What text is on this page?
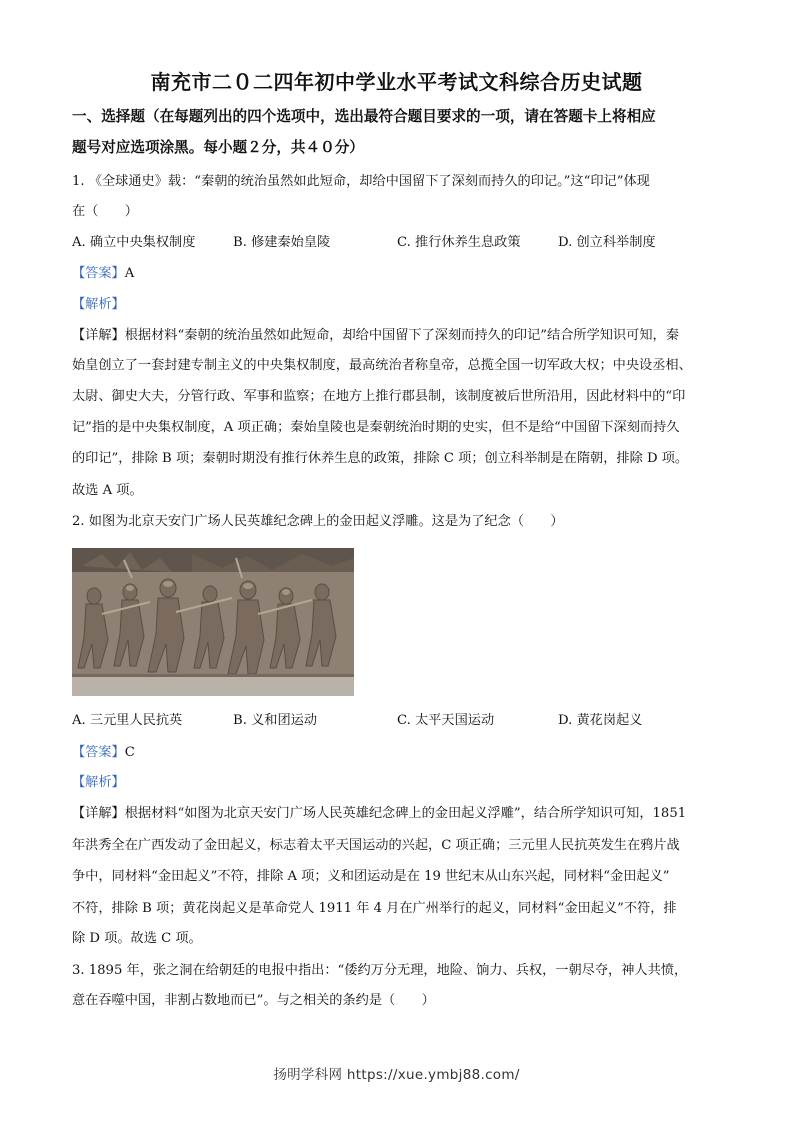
南充市二０二四年初中学业水平考试文科综合历史试题
一、选择题（在每题列出的四个选项中，选出最符合题目要求的一项，请在答题卡上将相应
题号对应选项涂黑。每小题２分，共４０分）
1. 《全球通史》载：“秦朝的统治虽然如此短命，却给中国留下了深刻而持久的印记。”这“印记”体现
在（　　）
A. 确立中央集权制度	B. 修建秦始皇陵	C. 推行休养生息政策	D. 创立科举制度
【答案】A
【解析】
【详解】根据材料“秦朝的统治虽然如此短命，却给中国留下了深刻而持久的印记”结合所学知识可知，秦
始皇创立了一套封建专制主义的中央集权制度，最高统治者称皇帝，总揽全国一切军政大权；中央设丞相、
太尉、御史大夫，分管行政、军事和监察；在地方上推行郡县制，该制度被后世所沿用，因此材料中的“印
记”指的是中央集权制度，A 项正确；秦始皇陵也是秦朝统治时期的史实，但不是给“中国留下深刻而持久
的印记”，排除 B 项；秦朝时期没有推行休养生息的政策，排除 C 项；创立科举制是在隋朝，排除 D 项。
故选 A 项。
2. 如图为北京天安门广场人民英雄纪念碑上的金田起义浮雕。这是为了纪念（　　）
A. 三元里人民抗英	B. 义和团运动	C. 太平天国运动	D. 黄花岗起义
【答案】C
【解析】
【详解】根据材料“如图为北京天安门广场人民英雄纪念碑上的金田起义浮雕”，结合所学知识可知，1851
年洪秀全在广西发动了金田起义，标志着太平天国运动的兴起，C 项正确；三元里人民抗英发生在鸦片战
争中，同材料“金田起义”不符，排除 A 项；义和团运动是在 19 世纪末从山东兴起，同材料“金田起义”
不符，排除 B 项；黄花岗起义是革命党人 1911 年 4 月在广州举行的起义，同材料“金田起义”不符，排
除 D 项。故选 C 项。
3. 1895 年，张之洞在给朝廷的电报中指出：“倭约万分无理，地险、饷力、兵权，一朝尽夺，神人共愤，
意在吞噬中国，非割占数地而已”。与之相关的条约是（　　）
扬明学科网 https://xue.ymbj88.com/
